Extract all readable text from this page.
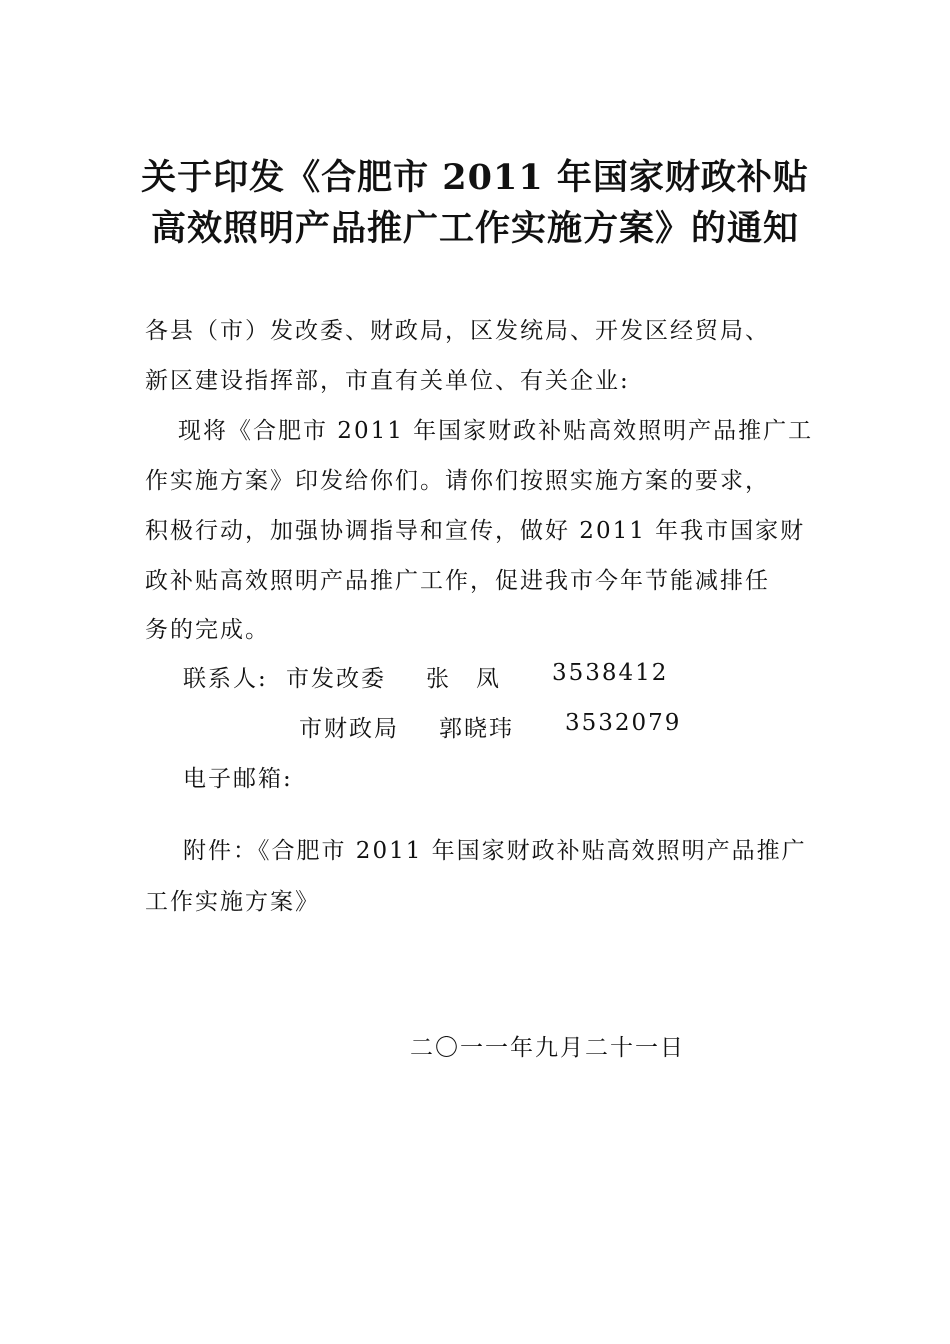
关于印发《合肥市 2011 年国家财政补贴
高效照明产品推广工作实施方案》的通知
各县（市）发改委、财政局，区发统局、开发区经贸局、
新区建设指挥部，市直有关单位、有关企业:
现将《合肥市 2011 年国家财政补贴高效照明产品推广工
作实施方案》印发给你们。请你们按照实施方案的要求，
积极行动，加强协调指导和宣传，做好 2011 年我市国家财
政补贴高效照明产品推广工作，促进我市今年节能减排任
务的完成。
联系人: 市发改委 张　凤 3538412
市财政局 郭晓玮 3532079
电子邮箱:
附件：《合肥市 2011 年国家财政补贴高效照明产品推广
工作实施方案》
二〇一一年九月二十一日
